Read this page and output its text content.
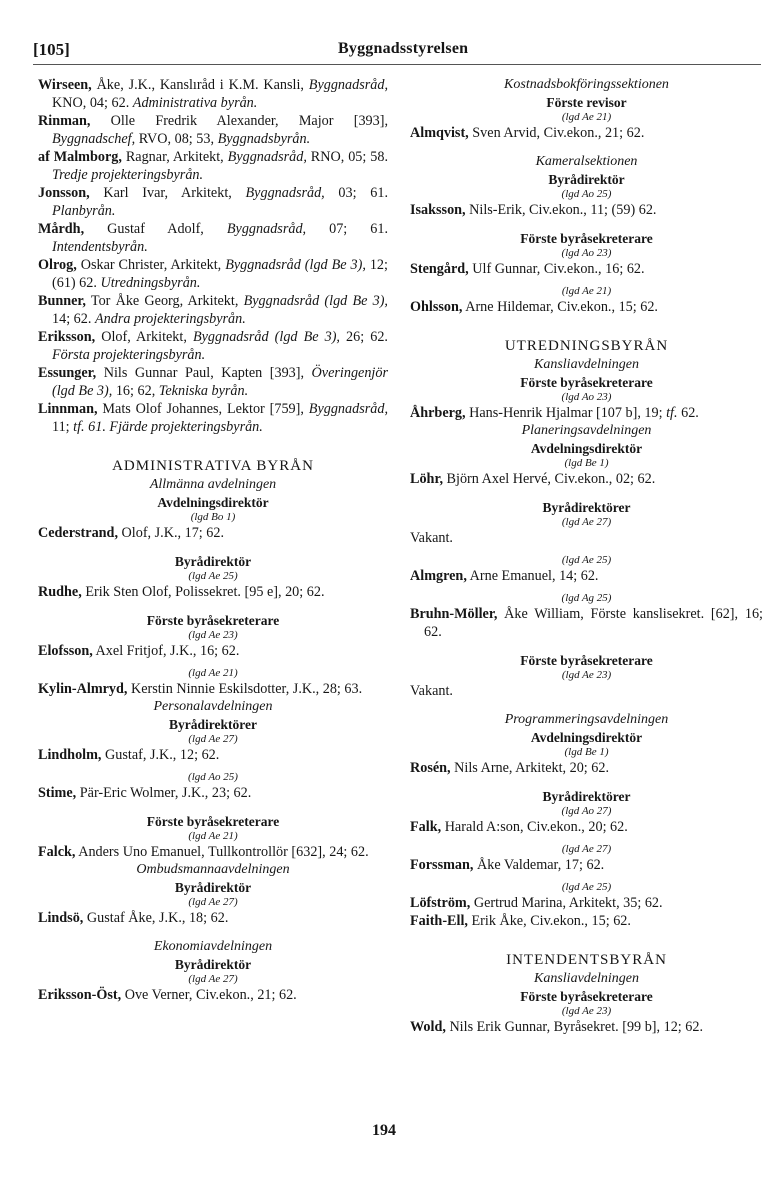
[105]	Byggnadsstyrelsen
Wirseen, Åke, J.K., Kanslıråd i K.M. Kansli, Byggnadsråd, KNO, 04; 62. Administrativa byrån.
Rinman, Olle Fredrik Alexander, Major [393], Byggnadschef, RVO, 08; 53, Byggnadsbyrån.
af Malmborg, Ragnar, Arkitekt, Byggnadsråd, RNO, 05; 58. Tredje projekteringsbyrån.
Jonsson, Karl Ivar, Arkitekt, Byggnadsråd, 03; 61. Planbyrån.
Mårdh, Gustaf Adolf, Byggnadsråd, 07; 61. Intendentsbyrån.
Olrog, Oskar Christer, Arkitekt, Byggnadsråd (lgd Be 3), 12; (61) 62. Utredningsbyrån.
Bunner, Tor Åke Georg, Arkitekt, Byggnadsråd (lgd Be 3), 14; 62. Andra projekteringsbyrån.
Eriksson, Olof, Arkitekt, Byggnadsråd (lgd Be 3), 26; 62. Första projekteringsbyrån.
Essunger, Nils Gunnar Paul, Kapten [393], Överingenjör (lgd Be 3), 16; 62, Tekniska byrån.
Linnman, Mats Olof Johannes, Lektor [759], Byggnadsråd, 11; tf. 61. Fjärde projekteringsbyrån.
ADMINISTRATIVA BYRÅN
Allmänna avdelningen
Avdelningsdirektör
(lgd Bo 1)
Cederstrand, Olof, J.K., 17; 62.
Byrådirektör
(lgd Ae 25)
Rudhe, Erik Sten Olof, Polissekret. [95 e], 20; 62.
Förste byråsekreterare
(lgd Ae 23)
Elofsson, Axel Fritjof, J.K., 16; 62.
(lgd Ae 21)
Kylin-Almryd, Kerstin Ninnie Eskilsdotter, J.K., 28; 63.
Personalavdelningen
Byrådirektörer
(lgd Ae 27)
Lindholm, Gustaf, J.K., 12; 62.
(lgd Ao 25)
Stime, Pär-Eric Wolmer, J.K., 23; 62.
Förste byråsekreterare
(lgd Ae 21)
Falck, Anders Uno Emanuel, Tullkontrollör [632], 24; 62.
Ombudsmannaavdelningen
Byrådirektör
(lgd Ae 27)
Lindsö, Gustaf Åke, J.K., 18; 62.
Ekonomiavdelningen
Byrådirektör
(lgd Ae 27)
Eriksson-Öst, Ove Verner, Civ.ekon., 21; 62.
Kostnadsbokföringssektionen
Förste revisor
(lgd Ae 21)
Almqvist, Sven Arvid, Civ.ekon., 21; 62.
Kameralsektionen
Byrådirektör
(lgd Ao 25)
Isaksson, Nils-Erik, Civ.ekon., 11; (59) 62.
Förste byråsekreterare
(lgd Ao 23)
Stengård, Ulf Gunnar, Civ.ekon., 16; 62.
(lgd Ae 21)
Ohlsson, Arne Hildemar, Civ.ekon., 15; 62.
UTREDNINGSBYRÅN
Kansliavdelningen
Förste byråsekreterare
(lgd Ao 23)
Åhrberg, Hans-Henrik Hjalmar [107 b], 19; tf. 62.
Planeringsavdelningen
Avdelningsdirektör
(lgd Be 1)
Löhr, Björn Axel Hervé, Civ.ekon., 02; 62.
Byrådirektörer
(lgd Ae 27)
Vakant.
(lgd Ae 25)
Almgren, Arne Emanuel, 14; 62.
(lgd Ag 25)
Bruhn-Möller, Åke William, Förste kanslisekret. [62], 16; 62.
Förste byråsekreterare
(lgd Ae 23)
Vakant.
Programmeringsavdelningen
Avdelningsdirektör
(lgd Be 1)
Rosén, Nils Arne, Arkitekt, 20; 62.
Byrådirektörer
(lgd Ao 27)
Falk, Harald A:son, Civ.ekon., 20; 62.
(lgd Ae 27)
Forssman, Åke Valdemar, 17; 62.
(lgd Ae 25)
Löfström, Gertrud Marina, Arkitekt, 35; 62.
Faith-Ell, Erik Åke, Civ.ekon., 15; 62.
INTENDENTSBYRÅN
Kansliavdelningen
Förste byråsekreterare
(lgd Ae 23)
Wold, Nils Erik Gunnar, Byråsekret. [99 b], 12; 62.
194
